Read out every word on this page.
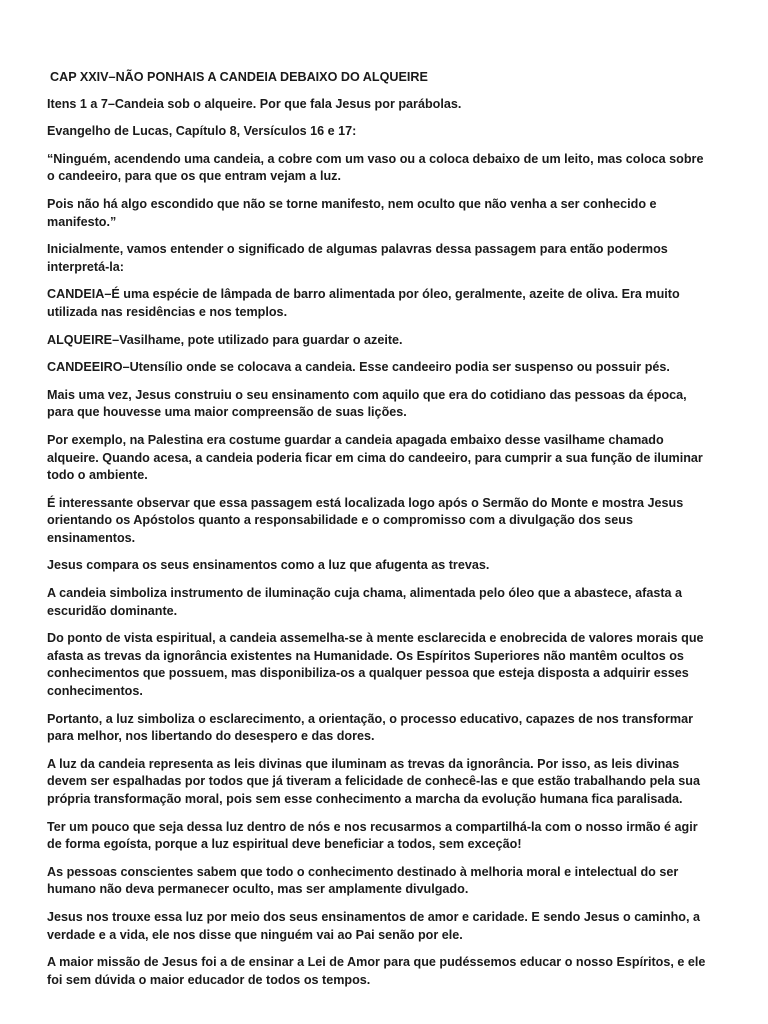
CAP XXIV–NÃO PONHAIS A CANDEIA DEBAIXO DO ALQUEIRE

Itens 1 a 7–Candeia sob o alqueire. Por que fala Jesus por parábolas.

Evangelho de Lucas, Capítulo 8, Versículos 16 e 17:

“Ninguém, acendendo uma candeia, a cobre com um vaso ou a coloca debaixo de um leito, mas coloca sobre o candeeiro, para que os que entram vejam a luz.

Pois não há algo escondido que não se torne manifesto, nem oculto que não venha a ser conhecido e manifesto.”

Inicialmente, vamos entender o significado de algumas palavras dessa passagem para então podermos interpretá-la:

CANDEIA–É uma espécie de lâmpada de barro alimentada por óleo, geralmente, azeite de oliva. Era muito utilizada nas residências e nos templos.

ALQUEIRE–Vasilhame, pote utilizado para guardar o azeite.

CANDEEIRO–Utensílio onde se colocava a candeia. Esse candeeiro podia ser suspenso ou possuir pés.

Mais uma vez, Jesus construiu o seu ensinamento com aquilo que era do cotidiano das pessoas da época, para que houvesse uma maior compreensão de suas lições.

Por exemplo, na Palestina era costume guardar a candeia apagada embaixo desse vasilhame chamado alqueire. Quando acesa, a candeia poderia ficar em cima do candeeiro, para cumprir a sua função de iluminar todo o ambiente.

É interessante observar que essa passagem está localizada logo após o Sermão do Monte e mostra Jesus orientando os Apóstolos quanto a responsabilidade e o compromisso com a divulgação dos seus ensinamentos.

Jesus compara os seus ensinamentos como a luz que afugenta as trevas.

A candeia simboliza instrumento de iluminação cuja chama, alimentada pelo óleo que a abastece, afasta a escuridão dominante.

Do ponto de vista espiritual, a candeia assemelha-se à mente esclarecida e enobrecida de valores morais que afasta as trevas da ignorância existentes na Humanidade. Os Espíritos Superiores não mantêm ocultos os conhecimentos que possuem, mas disponibiliza-os a qualquer pessoa que esteja disposta a adquirir esses conhecimentos.

Portanto, a luz simboliza o esclarecimento, a orientação, o processo educativo, capazes de nos transformar para melhor, nos libertando do desespero e das dores.

A luz da candeia representa as leis divinas que iluminam as trevas da ignorância. Por isso, as leis divinas devem ser espalhadas por todos que já tiveram a felicidade de conhecê-las e que estão trabalhando pela sua própria transformação moral, pois sem esse conhecimento a marcha da evolução humana fica paralisada.

Ter um pouco que seja dessa luz dentro de nós e nos recusarmos a compartilhá-la com o nosso irmão é agir de forma egoísta, porque a luz espiritual deve beneficiar a todos, sem exceção!

As pessoas conscientes sabem que todo o conhecimento destinado à melhoria moral e intelectual do ser humano não deva permanecer oculto, mas ser amplamente divulgado.

Jesus nos trouxe essa luz por meio dos seus ensinamentos de amor e caridade. E sendo Jesus o caminho, a verdade e a vida, ele nos disse que ninguém vai ao Pai senão por ele.

A maior missão de Jesus foi a de ensinar a Lei de Amor para que pudéssemos educar o nosso Espíritos, e ele foi sem dúvida o maior educador de todos os tempos.
